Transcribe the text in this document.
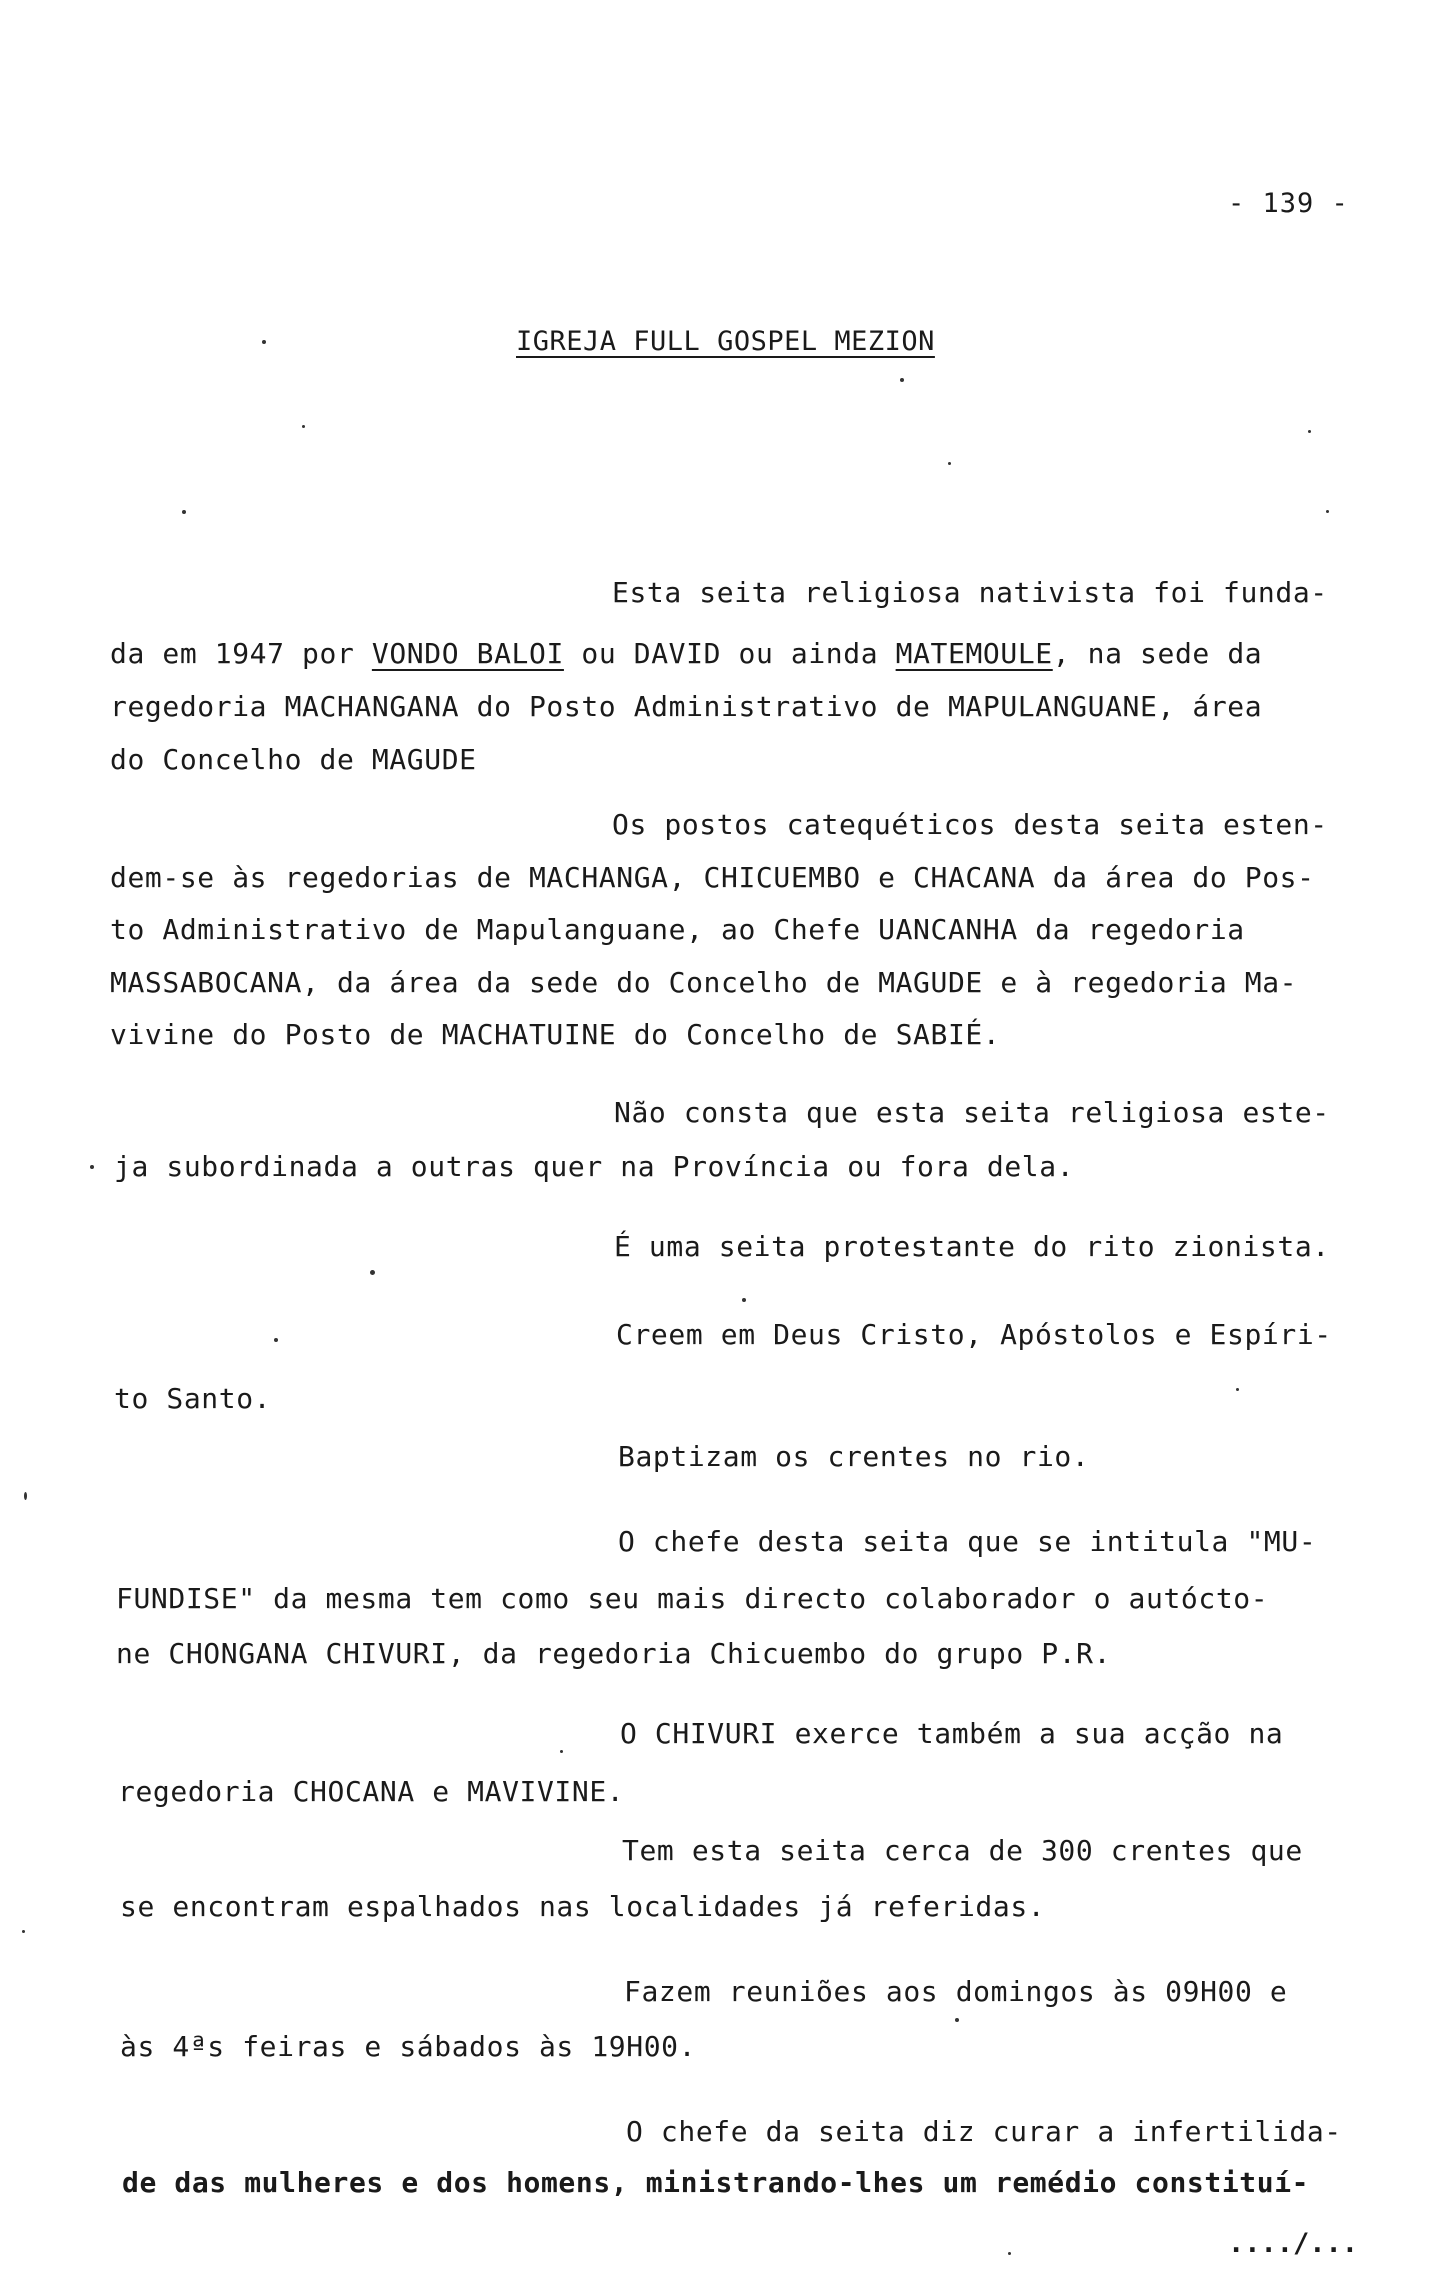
- 139 -
IGREJA FULL GOSPEL MEZION
Esta seita religiosa nativista foi funda-
da em 1947 por VONDO BALOI ou DAVID ou ainda MATEMOULE, na sede da
regedoria MACHANGANA do Posto Administrativo de MAPULANGUANE, área
do Concelho de MAGUDE
Os postos catequéticos desta seita esten-
dem-se às regedorias de MACHANGA, CHICUEMBO e CHACANA da área do Pos-
to Administrativo de Mapulanguane, ao Chefe UANCANHA da regedoria
MASSABOCANA, da área da sede do Concelho de MAGUDE e à regedoria Ma-
vivine do Posto de MACHATUINE do Concelho de SABIÉ.
Não consta que esta seita religiosa este-
ja subordinada a outras quer na Província ou fora dela.
É uma seita protestante do rito zionista.
Creem em Deus Cristo, Apóstolos e Espíri-
to Santo.
Baptizam os crentes no rio.
O chefe desta seita que se intitula "MU-
FUNDISE" da mesma tem como seu mais directo colaborador o autócto-
ne CHONGANA CHIVURI, da regedoria Chicuembo do grupo P.R.
O CHIVURI exerce também a sua acção na
regedoria CHOCANA e MAVIVINE.
Tem esta seita cerca de 300 crentes que
se encontram espalhados nas localidades já referidas.
Fazem reuniões aos domingos às 09H00 e
às 4ªs feiras e sábados às 19H00.
O chefe da seita diz curar a infertilida-
de das mulheres e dos homens, ministrando-lhes um remédio constituí-
..../...
